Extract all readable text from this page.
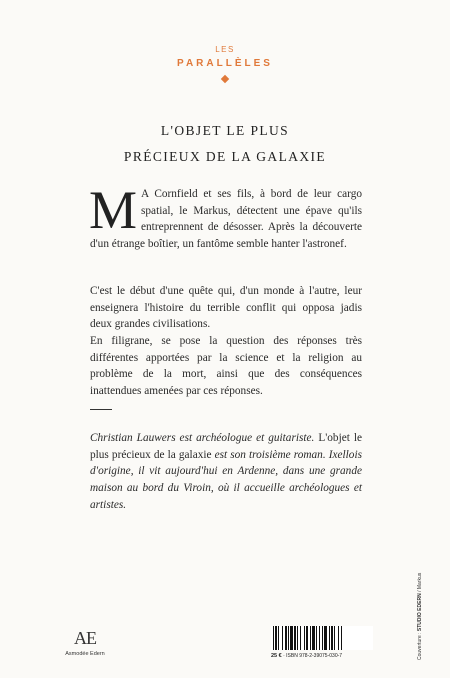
LES
PARALLÈLES
L'OBJET LE PLUS
PRÉCIEUX DE LA GALAXIE

M A Cornfield et ses fils, à bord de leur cargo spatial, le Markus, détectent une épave qu'ils entreprennent de désosser. Après la découverte d'un étrange boîtier, un fantôme semble hanter l'astronef.

C'est le début d'une quête qui, d'un monde à l'autre, leur enseignera l'histoire du terrible conflit qui opposa jadis deux grandes civilisations.

En filigrane, se pose la question des réponses très différentes apportées par la science et la religion au problème de la mort, ainsi que des conséquences inattendues amenées par ces réponses.

Christian Lauwers est archéologue et guitariste. L'objet le plus précieux de la galaxie est son troisième roman. Ixellois d'origine, il vit aujourd'hui en Ardenne, dans une grande maison au bord du Viroin, où il accueille archéologues et artistes.

AE
Asmodée Edern	25 € · ISBN 978-2-39075-030-7	Couverture : STUDIO EDERN / Markus
